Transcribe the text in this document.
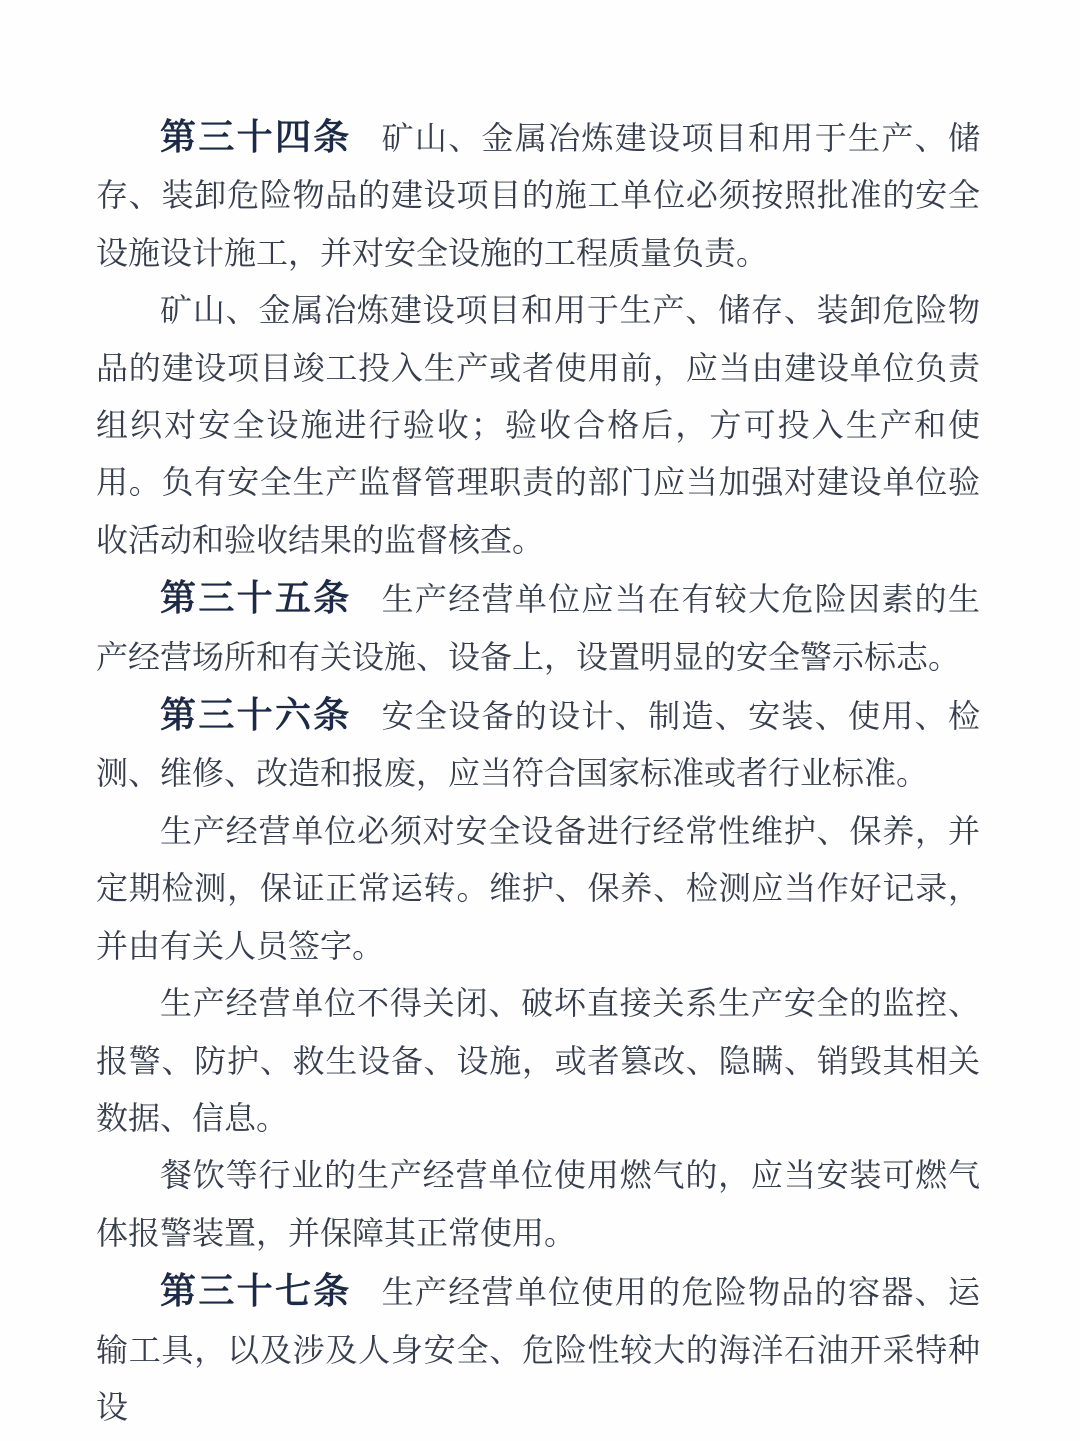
第三十四条 矿山、金属冶炼建设项目和用于生产、储存、装卸危险物品的建设项目的施工单位必须按照批准的安全设施设计施工，并对安全设施的工程质量负责。

矿山、金属冶炼建设项目和用于生产、储存、装卸危险物品的建设项目竣工投入生产或者使用前，应当由建设单位负责组织对安全设施进行验收；验收合格后，方可投入生产和使用。负有安全生产监督管理职责的部门应当加强对建设单位验收活动和验收结果的监督核查。

第三十五条 生产经营单位应当在有较大危险因素的生产经营场所和有关设施、设备上，设置明显的安全警示标志。

第三十六条 安全设备的设计、制造、安装、使用、检测、维修、改造和报废，应当符合国家标准或者行业标准。

生产经营单位必须对安全设备进行经常性维护、保养，并定期检测，保证正常运转。维护、保养、检测应当作好记录，并由有关人员签字。

生产经营单位不得关闭、破坏直接关系生产安全的监控、报警、防护、救生设备、设施，或者篡改、隐瞒、销毁其相关数据、信息。

餐饮等行业的生产经营单位使用燃气的，应当安装可燃气体报警装置，并保障其正常使用。

第三十七条 生产经营单位使用的危险物品的容器、运输工具，以及涉及人身安全、危险性较大的海洋石油开采特种设
